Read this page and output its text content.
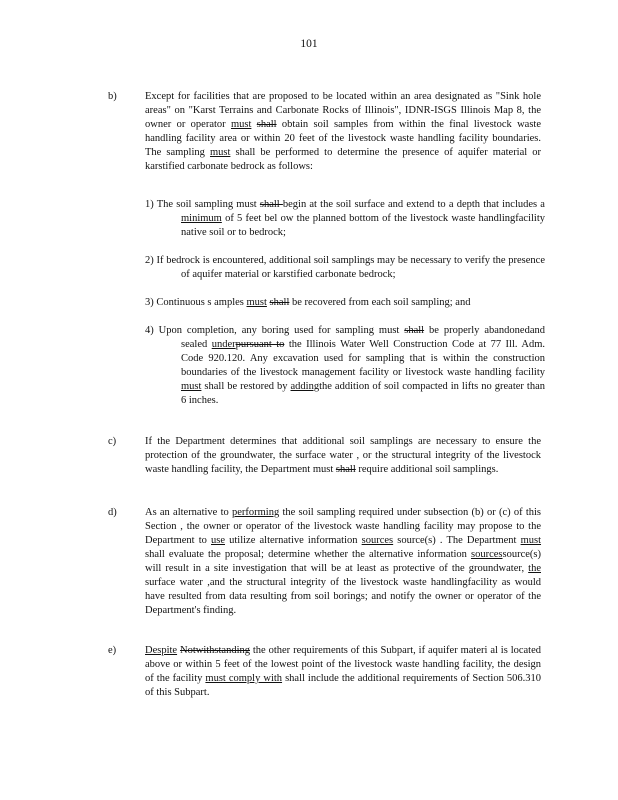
101
b)	Except for facilities that are proposed to be located within an area designated as "Sink hole areas" on "Karst Terrains and Carbonate Rocks of Illinois", IDNR-ISGS Illinois Map 8, the owner or operator must shall obtain soil samples from within the final livestock waste handling facility area or within 20 feet of the livestock waste handling facility boundaries. The sampling must shall be performed to determine the presence of aquifer material or karstified carbonate bedrock as follows:
1) The soil sampling must shall begin at the soil surface and extend to a depth that includes a minimum of 5 feet bel ow the planned bottom of the livestock waste handlingfacility native soil or to bedrock;
2) If bedrock is encountered, additional soil samplings may be necessary to verify the presence of aquifer material or karstified carbonate bedrock;
3) Continuous s amples must shall be recovered from each soil sampling; and
4) Upon completion, any boring used for sampling must shall be properly abandonedand sealed underpursuant to the Illinois Water Well Construction Code at 77 Ill. Adm. Code 920.120. Any excavation used for sampling that is within the construction boundaries of the livestock management facility or livestock waste handling facility must shall be restored by addingthe addition of soil compacted in lifts no greater than 6 inches.
c)	If the Department determines that additional soil samplings are necessary to ensure the protection of the groundwater, the surface water , or the structural integrity of the livestock waste handling facility, the Department must shall require additional soil samplings.
d)	As an alternative to performing the soil sampling required under subsection (b) or (c) of this Section , the owner or operator of the livestock waste handling facility may propose to the Department to use utilize alternative information sources source(s) . The Department must shall evaluate the proposal; determine whether the alternative information sourcessource(s) will result in a site investigation that will be at least as protective of the groundwater, the surface water ,and the structural integrity of the livestock waste handlingfacility as would have resulted from data resulting from soil borings; and notify the owner or operator of the Department's finding.
e)	Despite Notwithstanding the other requirements of this Subpart, if aquifer materi al is located above or within 5 feet of the lowest point of the livestock waste handling facility, the design of the facility must comply with shall include the additional requirements of Section 506.310 of this Subpart.
